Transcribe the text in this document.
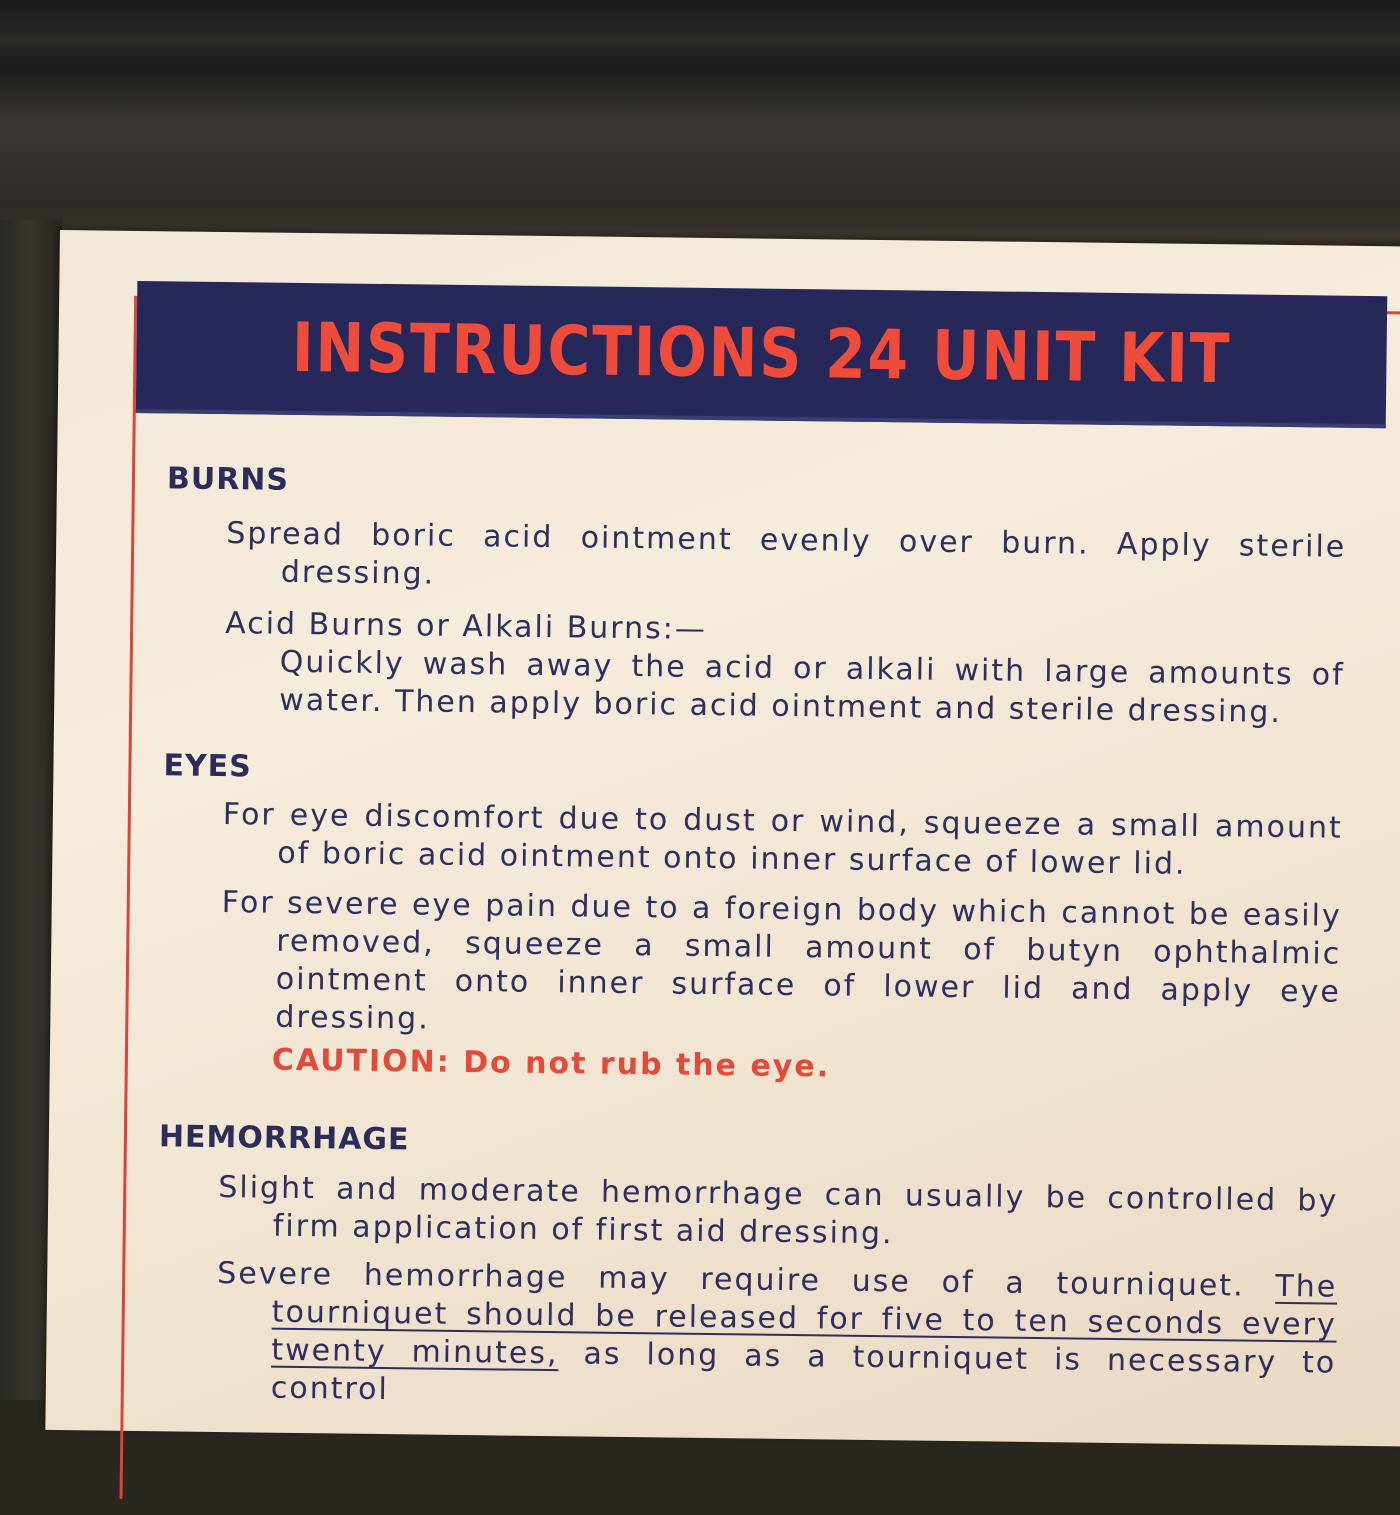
INSTRUCTIONS 24 UNIT KIT

BURNS

Spread boric acid ointment evenly over burn. Apply sterile dressing.

Acid Burns or Alkali Burns:—

Quickly wash away the acid or alkali with large amounts of water. Then apply boric acid ointment and sterile dressing.

EYES

For eye discomfort due to dust or wind, squeeze a small amount of boric acid ointment onto inner surface of lower lid.

For severe eye pain due to a foreign body which cannot be easily removed, squeeze a small amount of butyn ophthalmic ointment onto inner surface of lower lid and apply eye dressing.

CAUTION: Do not rub the eye.

HEMORRHAGE

Slight and moderate hemorrhage can usually be controlled by firm application of first aid dressing.

Severe hemorrhage may require use of a tourniquet. The tourniquet should be released for five to ten seconds every twenty minutes, as long as a tourniquet is necessary to control
